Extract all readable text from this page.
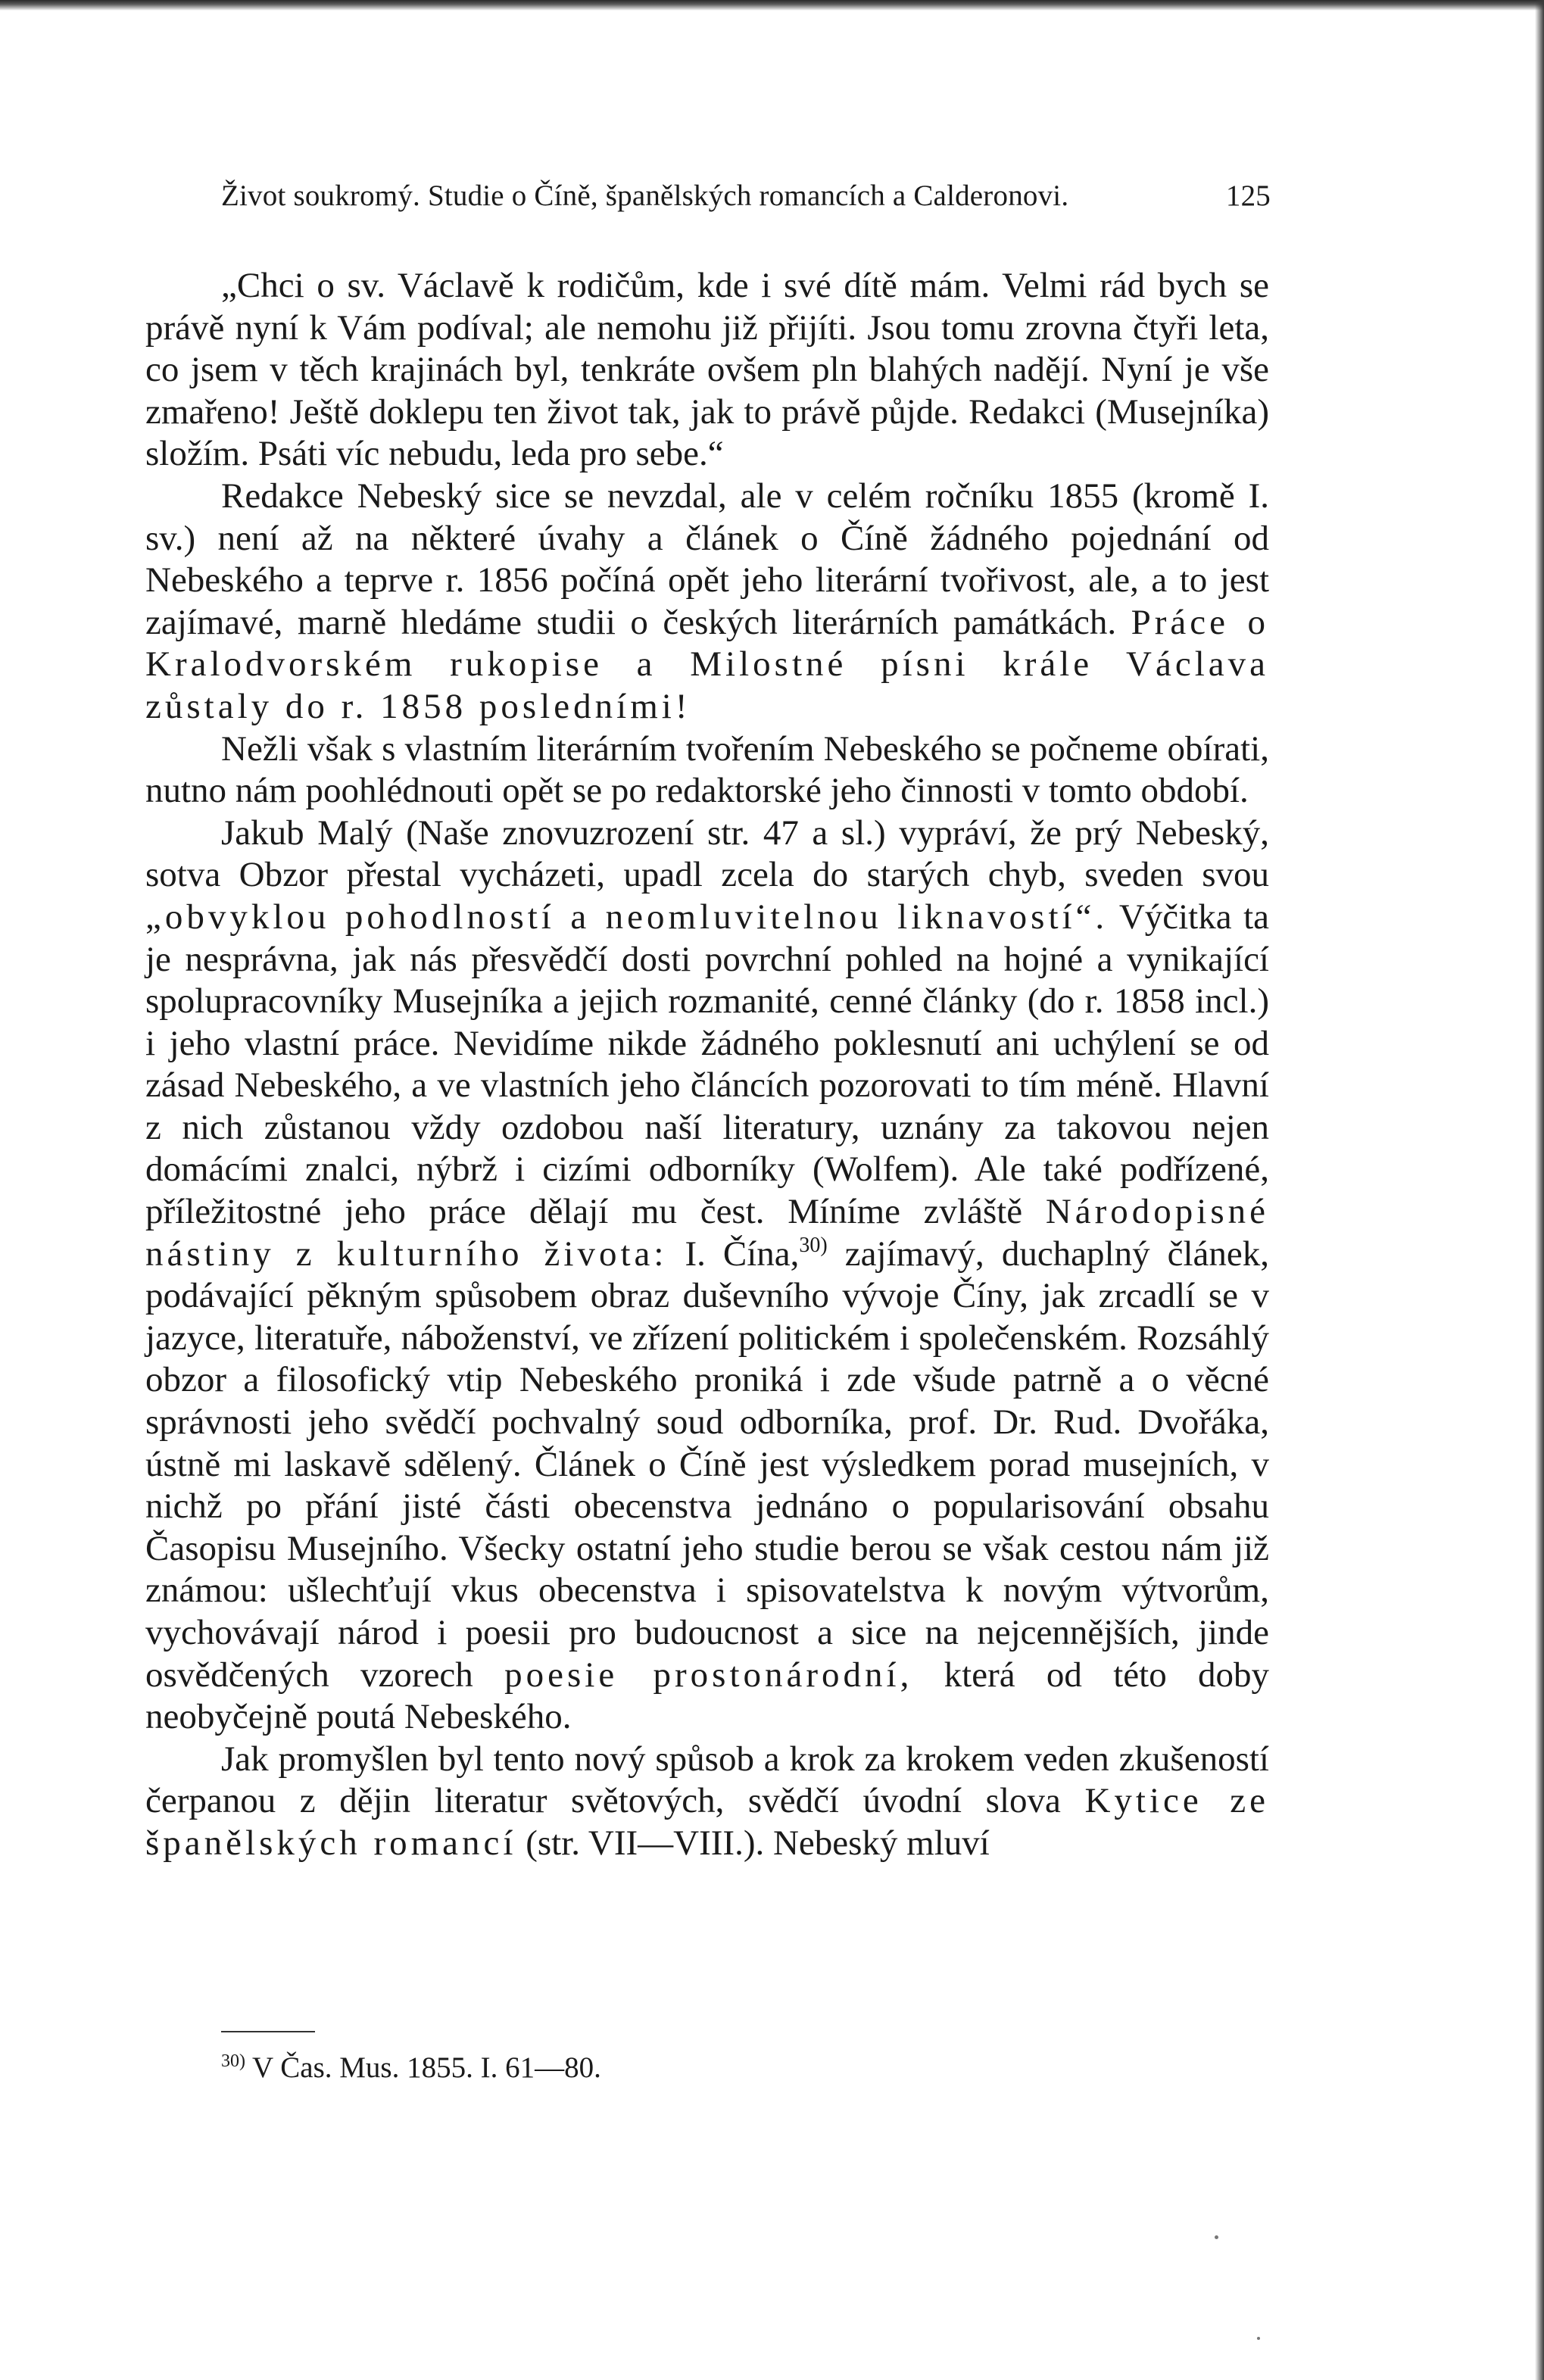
Život soukromý. Studie o Číně, španělských romancích a Calderonovi.	125

„Chci o sv. Václavě k rodičům, kde i své dítě mám. Velmi rád bych se právě nyní k Vám podíval; ale nemohu již přijíti. Jsou tomu zrovna čtyři leta, co jsem v těch krajinách byl, tenkráte ovšem pln blahých nadějí. Nyní je vše zmařeno! Ještě doklepu ten život tak, jak to právě půjde. Redakci (Musejníka) složím. Psáti víc nebudu, leda pro sebe.“

Redakce Nebeský sice se nevzdal, ale v celém ročníku 1855 (kromě I. sv.) není až na některé úvahy a článek o Číně žádného pojednání od Nebeského a teprve r. 1856 počíná opět jeho literární tvořivost, ale, a to jest zajímavé, marně hledáme studii o českých literárních památkách. Práce o Kralodvorském rukopise a Milostné písni krále Václava zůstaly do r. 1858 posledními!

Nežli však s vlastním literárním tvořením Nebeského se počneme obírati, nutno nám poohlédnouti opět se po redaktorské jeho činnosti v tomto období.

Jakub Malý (Naše znovuzrození str. 47 a sl.) vypráví, že prý Nebeský, sotva Obzor přestal vycházeti, upadl zcela do starých chyb, sveden svou „obvyklou pohodlností a neomluvitelnou liknavostí“. Výčitka ta je nesprávna, jak nás přesvědčí dosti povrchní pohled na hojné a vynikající spolupracovníky Musejníka a jejich rozmanité, cenné články (do r. 1858 incl.) i jeho vlastní práce. Nevidíme nikde žádného poklesnutí ani uchýlení se od zásad Nebeského, a ve vlastních jeho článcích pozorovati to tím méně. Hlavní z nich zůstanou vždy ozdobou naší literatury, uznány za takovou nejen domácími znalci, nýbrž i cizími odborníky (Wolfem). Ale také podřízené, příležitostné jeho práce dělají mu čest. Míníme zvláště Národopisné nástiny z kulturního života: I. Čína,$^{30)}$ zajímavý, duchaplný článek, podávající pěkným spůsobem obraz duševního vývoje Číny, jak zrcadlí se v jazyce, literatuře, náboženství, ve zřízení politickém i společenském. Rozsáhlý obzor a filosofický vtip Nebeského proniká i zde všude patrně a o věcné správnosti jeho svědčí pochvalný soud odborníka, prof. Dr. Rud. Dvořáka, ústně mi laskavě sdělený. Článek o Číně jest výsledkem porad musejních, v nichž po přání jisté části obecenstva jednáno o popularisování obsahu Časopisu Musejního. Všecky ostatní jeho studie berou se však cestou nám již známou: ušlechťují vkus obecenstva i spisovatelstva k novým výtvorům, vychovávají národ i poesii pro budoucnost a sice na nejcennějších, jinde osvědčených vzorech poesie prostonárodní, která od této doby neobyčejně poutá Nebeského.

Jak promyšlen byl tento nový spůsob a krok za krokem veden zkušeností čerpanou z dějin literatur světových, svědčí úvodní slova Kytice ze španělských romancí (str. VII—VIII.). Nebeský mluví

$^{30)}$ V Čas. Mus. 1855. I. 61—80.
